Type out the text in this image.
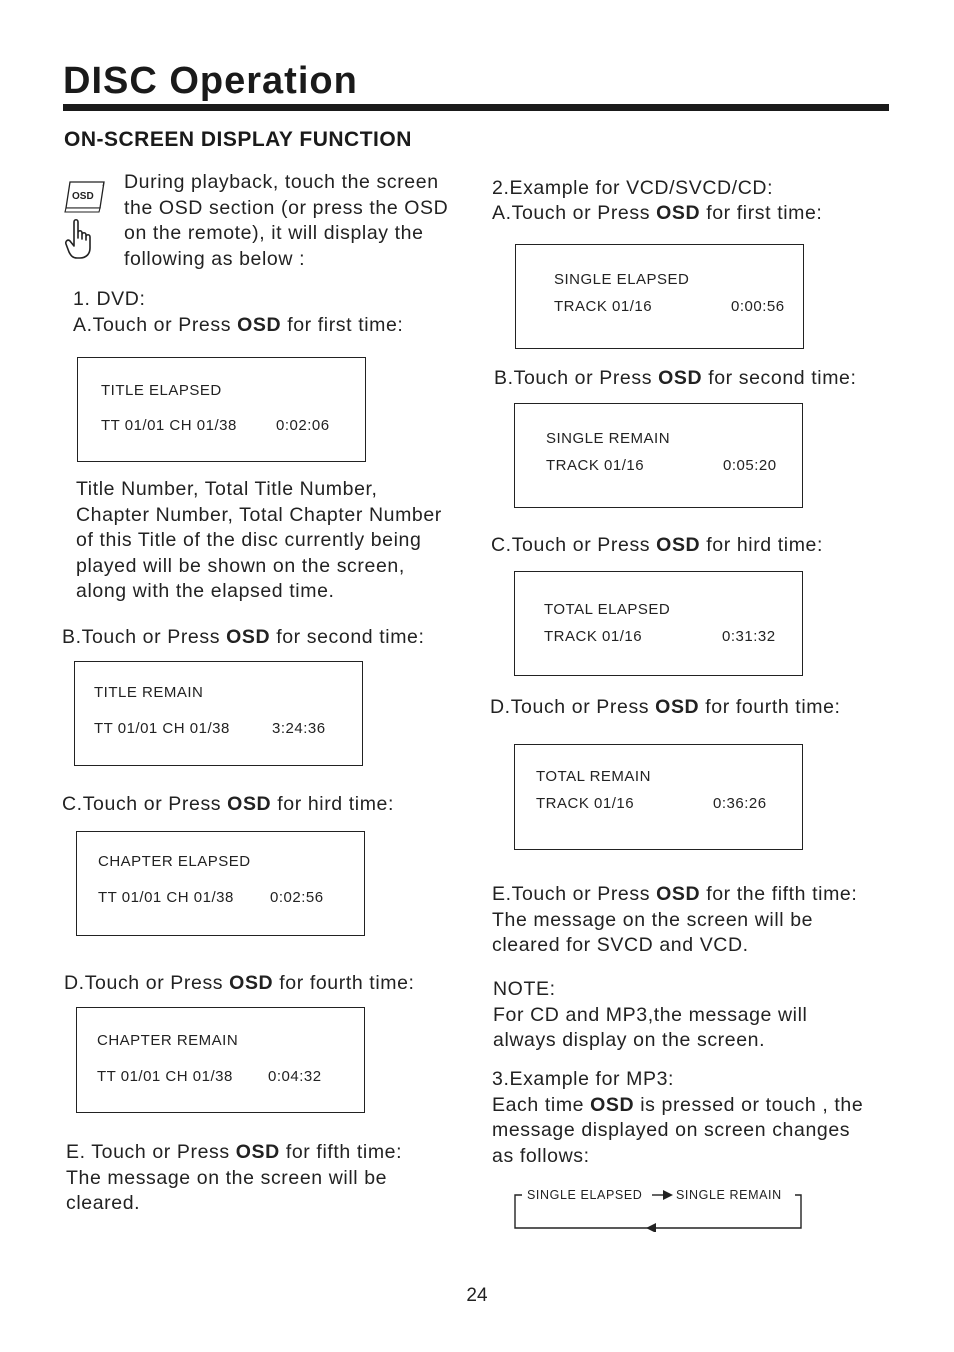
DISC Operation
ON-SCREEN DISPLAY FUNCTION
OSD
During playback, touch the screen
the OSD section (or press the OSD
on the remote), it will display the
following as below :
1. DVD:
A.Touch or Press OSD for first time:
TITLE ELAPSED
TT 01/01 CH 01/38	0:02:06
Title Number, Total Title Number,
Chapter Number, Total Chapter Number
of this Title of the disc currently being
played will be shown on the screen,
along with the elapsed time.
B.Touch or Press OSD for second time:
TITLE REMAIN
TT 01/01 CH 01/38	3:24:36
C.Touch or Press OSD for hird time:
CHAPTER ELAPSED
TT 01/01 CH 01/38 0:02:56
D.Touch or Press OSD for fourth time:
CHAPTER REMAIN
TT 01/01 CH 01/38 0:04:32
E. Touch or Press OSD for fifth time:
The message on the screen will be
cleared.
2.Example for VCD/SVCD/CD:
A.Touch or Press OSD for first time:
SINGLE ELAPSED
TRACK 01/16	0:00:56
B.Touch or Press OSD for second time:
SINGLE REMAIN
TRACK 01/16	0:05:20
C.Touch or Press OSD for hird time:
TOTAL ELAPSED
TRACK 01/16	0:31:32
D.Touch or Press OSD for fourth time:
TOTAL REMAIN
TRACK 01/16	0:36:26
E.Touch or Press OSD for the fifth time:
The message on the screen will be
cleared for SVCD and VCD.
NOTE:
For CD and MP3,the message will
always display on the screen.
3.Example for MP3:
Each time OSD is pressed or touch , the
message displayed on screen changes
as follows:
SINGLE ELAPSED	SINGLE REMAIN
24
